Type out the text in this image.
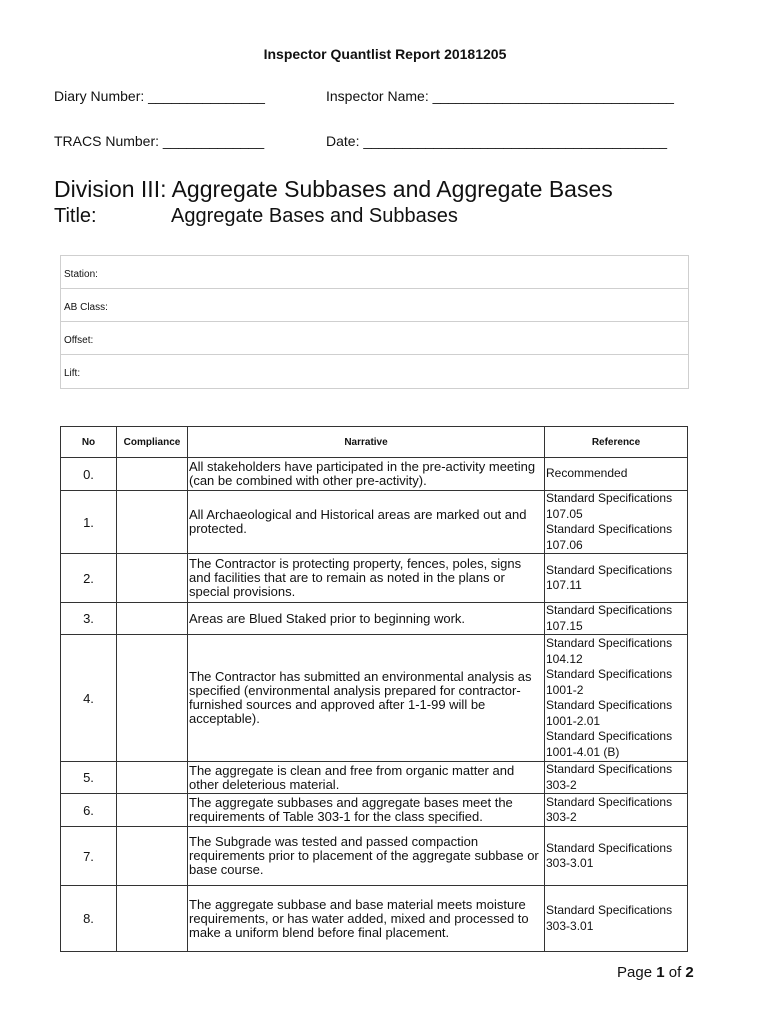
Inspector Quantlist Report 20181205
Diary Number: _______________	Inspector Name: _______________________________
TRACS Number: _____________	Date: _______________________________________
Division III: Aggregate Subbases and Aggregate Bases
Title:	Aggregate Bases and Subbases
Station:
AB Class:
Offset:
Lift:
No	Compliance	Narrative	Reference
0.		All stakeholders have participated in the pre-activity meeting (can be combined with other pre-activity).	Recommended
1.		All Archaeological and Historical areas are marked out and protected.	Standard Specifications 107.05
Standard Specifications 107.06
2.		The Contractor is protecting property, fences, poles, signs and facilities that are to remain as noted in the plans or special provisions.	Standard Specifications 107.11
3.		Areas are Blued Staked prior to beginning work.	Standard Specifications 107.15
4.		The Contractor has submitted an environmental analysis as specified (environmental analysis prepared for contractor-furnished sources and approved after 1-1-99 will be acceptable).	Standard Specifications 104.12
Standard Specifications 1001-2
Standard Specifications 1001-2.01
Standard Specifications 1001-4.01 (B)
5.		The aggregate is clean and free from organic matter and other deleterious material.	Standard Specifications 303-2
6.		The aggregate subbases and aggregate bases meet the requirements of Table 303-1 for the class specified.	Standard Specifications 303-2
7.		The Subgrade was tested and passed compaction requirements prior to placement of the aggregate subbase or base course.	Standard Specifications 303-3.01
8.		The aggregate subbase and base material meets moisture requirements, or has water added, mixed and processed to make a uniform blend before final placement.	Standard Specifications 303-3.01
Page 1 of 2
